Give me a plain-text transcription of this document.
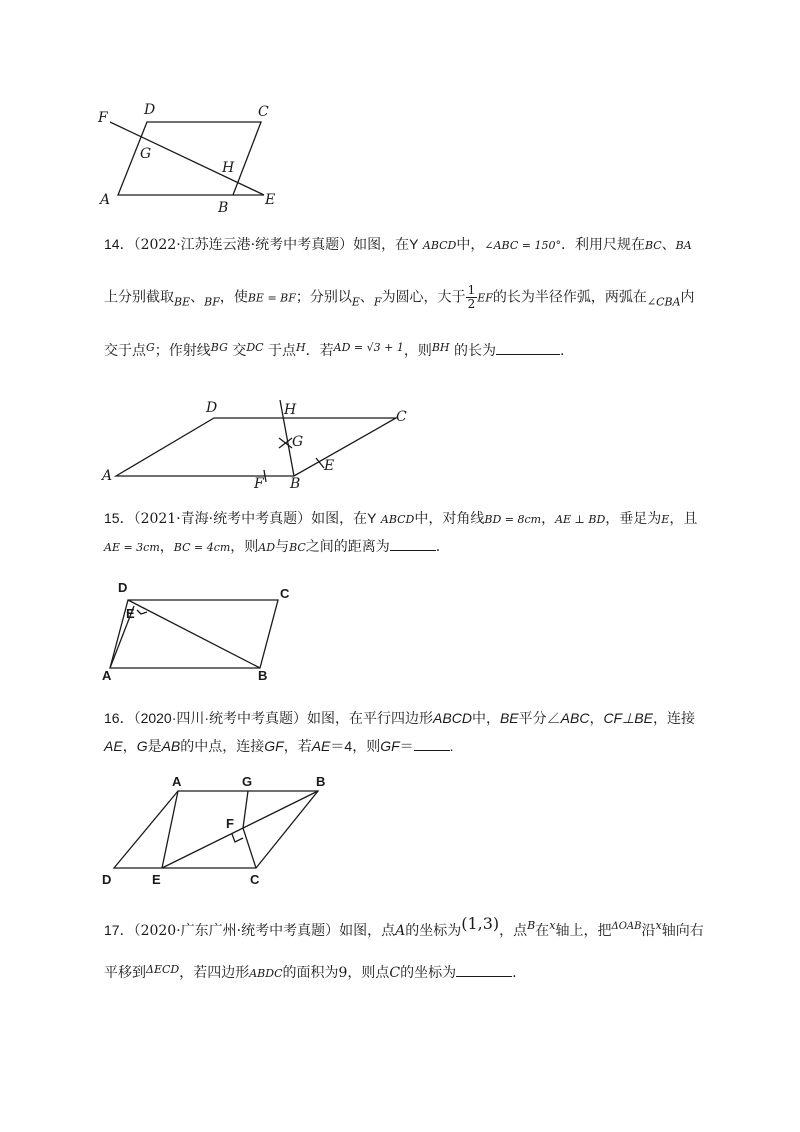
F	D	C
G
H
A	B	E
14．（2022·江苏连云港·统考中考真题）如图，在Y ABCD中，∠ABC = 150°．利用尺规在BC、BA
上分别截取$_{BE}$、$_{BF}$，使BE = BF；分别以$_E$、$_F$为圆心，大于 $\frac{1}{2}$ EF的长为半径作弧，两弧在$_{\angle CBA}$内
交于点$^G$；作射线$^{BG}$ 交$^{DC}$ 于点$^H$．若$^{AD = √3 + 1}$，则$^{BH}$ 的长为	.
D	H	C
G
E
A	F B
15．（2021·青海·统考中考真题）如图，在Y ABCD中，对角线BD = 8cm，AE ⊥ BD，垂足为E，且
AE = 3cm，BC = 4cm，则AD与BC之间的距离为	.
D	C
E
A	B
16．（2020·四川·统考中考真题）如图，在平行四边形ABCD中，BE平分∠ABC，CF⊥BE，连接
AE，G是AB的中点，连接GF，若AE＝4，则GF＝	.
A	G	B
F
D	E	C
17．（2020·广东广州·统考中考真题）如图，点A的坐标为(1,3)，点$^B$在$^x$轴上，把$^{\Delta OAB}$沿$^x$轴向右
平移到$^{\Delta ECD}$，若四边形ABDC的面积为9，则点C的坐标为	.
